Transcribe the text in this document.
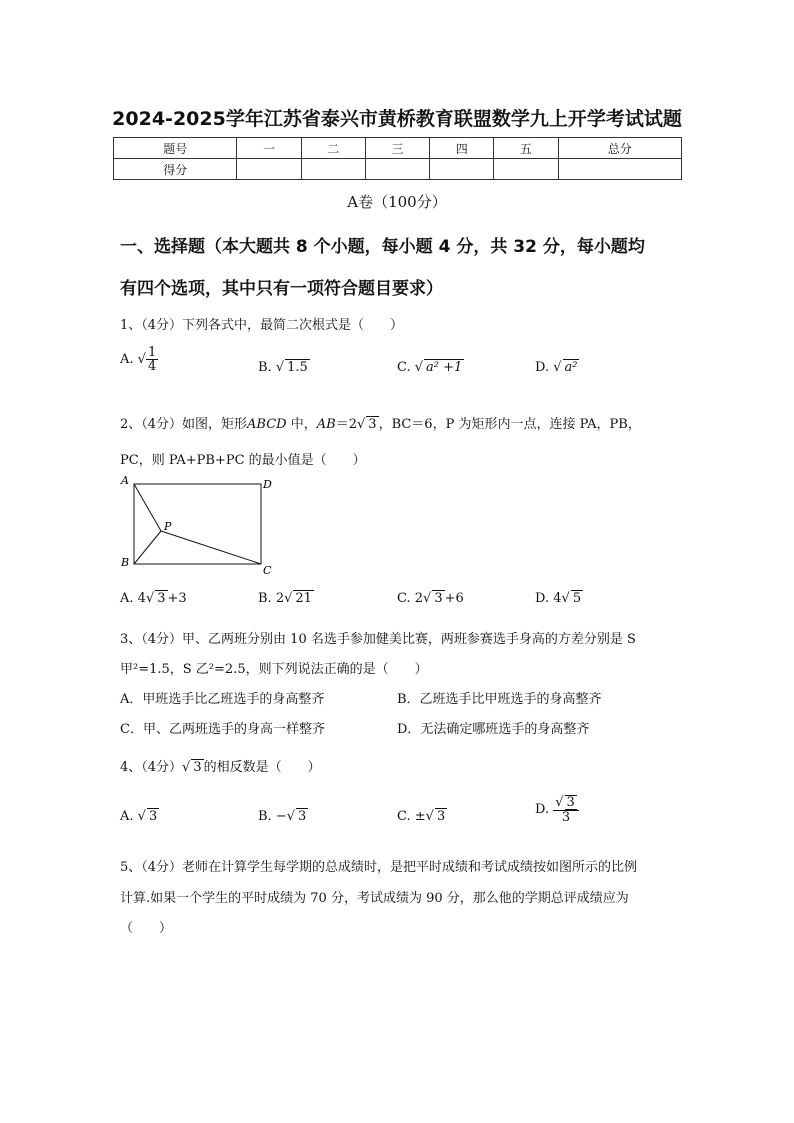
2024-2025学年江苏省泰兴市黄桥教育联盟数学九上开学考试试题
题号	一	二	三	四	五	总分
得分						
A卷（100分）
一、选择题（本大题共 8 个小题，每小题 4 分，共 32 分，每小题均
有四个选项，其中只有一项符合题目要求）
1、（4分）下列各式中，最简二次根式是（　　）
A. √ $\frac{1}{4}$	B. √ 1.5	C. √ a² +1	D. √ a²
2、（4分）如图，矩形ABCD 中，AB＝2√ 3 ，BC＝6，P 为矩形内一点，连接 PA，PB，
PC，则 PA+PB+PC 的最小值是（　　）
A	D
B
C
P
A. 4√ 3 +3	B. 2√ 21	C. 2√ 3 +6	D. 4√ 5
3、（4分）甲、乙两班分别由 10 名选手参加健美比赛，两班参赛选手身高的方差分别是 S
甲²=1.5，S 乙²=2.5，则下列说法正确的是（　　）
A．甲班选手比乙班选手的身高整齐	B．乙班选手比甲班选手的身高整齐
C．甲、乙两班选手的身高一样整齐	D．无法确定哪班选手的身高整齐
4、（4分）√ 3 的相反数是（　　）
A. √ 3	B. −√ 3	C. ±√ 3	D. $\frac{√ 3}{3}$
5、（4分）老师在计算学生每学期的总成绩时，是把平时成绩和考试成绩按如图所示的比例
计算.如果一个学生的平时成绩为 70 分，考试成绩为 90 分，那么他的学期总评成绩应为
（　　）
